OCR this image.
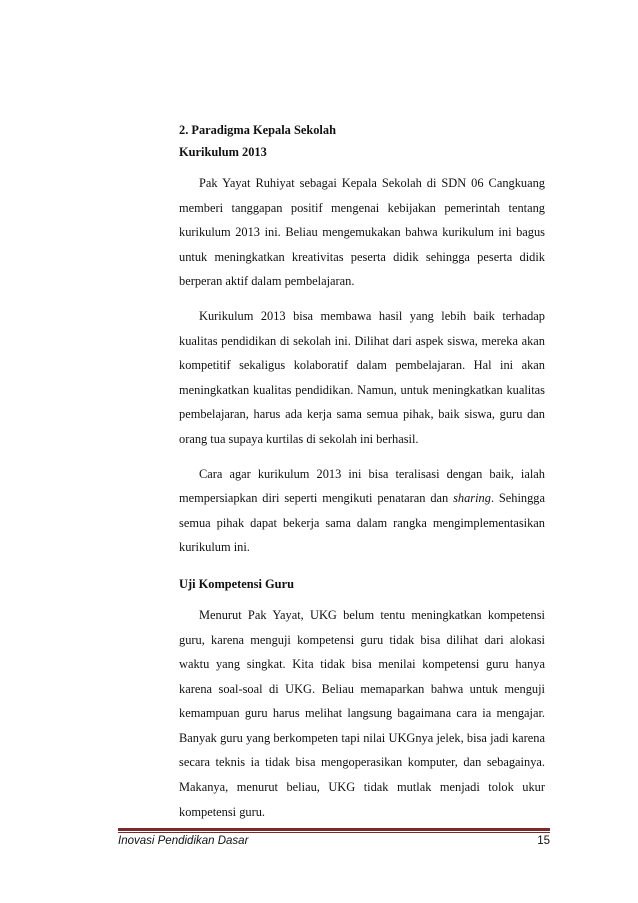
2. Paradigma Kepala Sekolah

Kurikulum 2013

Pak Yayat Ruhiyat sebagai Kepala Sekolah di SDN 06 Cangkuang memberi tanggapan positif mengenai kebijakan pemerintah tentang kurikulum 2013 ini. Beliau mengemukakan bahwa kurikulum ini bagus untuk meningkatkan kreativitas peserta didik sehingga peserta didik berperan aktif dalam pembelajaran.

Kurikulum 2013 bisa membawa hasil yang lebih baik terhadap kualitas pendidikan di sekolah ini. Dilihat dari aspek siswa, mereka akan kompetitif sekaligus kolaboratif dalam pembelajaran. Hal ini akan meningkatkan kualitas pendidikan. Namun, untuk meningkatkan kualitas pembelajaran, harus ada kerja sama semua pihak, baik siswa, guru dan orang tua supaya kurtilas di sekolah ini berhasil.

Cara agar kurikulum 2013 ini bisa teralisasi dengan baik, ialah mempersiapkan diri seperti mengikuti penataran dan sharing. Sehingga semua pihak dapat bekerja sama dalam rangka mengimplementasikan kurikulum ini.

Uji Kompetensi Guru

Menurut Pak Yayat, UKG belum tentu meningkatkan kompetensi guru, karena menguji kompetensi guru tidak bisa dilihat dari alokasi waktu yang singkat. Kita tidak bisa menilai kompetensi guru hanya karena soal-soal di UKG. Beliau memaparkan bahwa untuk menguji kemampuan guru harus melihat langsung bagaimana cara ia mengajar. Banyak guru yang berkompeten tapi nilai UKGnya jelek, bisa jadi karena secara teknis ia tidak bisa mengoperasikan komputer, dan sebagainya. Makanya, menurut beliau, UKG tidak mutlak menjadi tolok ukur kompetensi guru.

Inovasi Pendidikan Dasar	15
